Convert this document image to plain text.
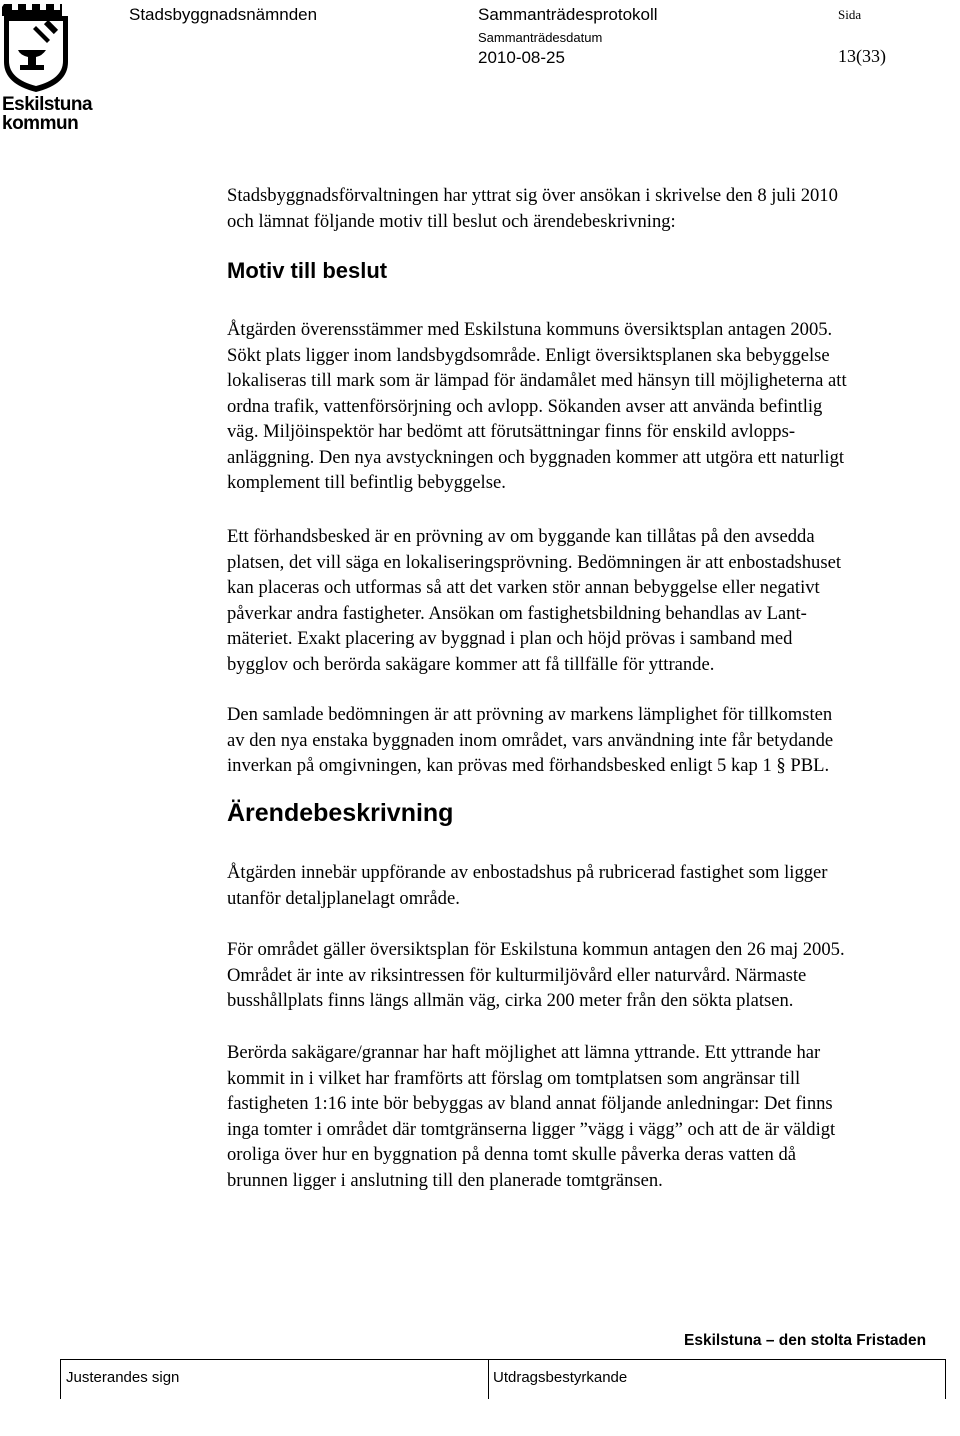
Eskilstuna
kommun
Stadsbyggnadsnämnden	Sammanträdesprotokoll	Sida
Sammanträdesdatum
2010-08-25	13(33)
Stadsbyggnadsförvaltningen har yttrat sig över ansökan i skrivelse den 8 juli 2010
och lämnat följande motiv till beslut och ärendebeskrivning:
Motiv till beslut
Åtgärden överensstämmer med Eskilstuna kommuns översiktsplan antagen 2005.
Sökt plats ligger inom landsbygdsområde. Enligt översiktsplanen ska bebyggelse
lokaliseras till mark som är lämpad för ändamålet med hänsyn till möjligheterna att
ordna trafik, vattenförsörjning och avlopp. Sökanden avser att använda befintlig
väg. Miljöinspektör har bedömt att förutsättningar finns för enskild avlopps-
anläggning. Den nya avstyckningen och byggnaden kommer att utgöra ett naturligt
komplement till befintlig bebyggelse.
Ett förhandsbesked är en prövning av om byggande kan tillåtas på den avsedda
platsen, det vill säga en lokaliseringsprövning. Bedömningen är att enbostadshuset
kan placeras och utformas så att det varken stör annan bebyggelse eller negativt
påverkar andra fastigheter. Ansökan om fastighetsbildning behandlas av Lant-
mäteriet. Exakt placering av byggnad i plan och höjd prövas i samband med
bygglov och berörda sakägare kommer att få tillfälle för yttrande.
Den samlade bedömningen är att prövning av markens lämplighet för tillkomsten
av den nya enstaka byggnaden inom området, vars användning inte får betydande
inverkan på omgivningen, kan prövas med förhandsbesked enligt 5 kap 1 § PBL.
Ärendebeskrivning
Åtgärden innebär uppförande av enbostadshus på rubricerad fastighet som ligger
utanför detaljplanelagt område.
För området gäller översiktsplan för Eskilstuna kommun antagen den 26 maj 2005.
Området är inte av riksintressen för kulturmiljövård eller naturvård. Närmaste
busshållplats finns längs allmän väg, cirka 200 meter från den sökta platsen.
Berörda sakägare/grannar har haft möjlighet att lämna yttrande. Ett yttrande har
kommit in i vilket har framförts att förslag om tomtplatsen som angränsar till
fastigheten 1:16 inte bör bebyggas av bland annat följande anledningar: Det finns
inga tomter i området där tomtgränserna ligger ”vägg i vägg” och att de är väldigt
oroliga över hur en byggnation på denna tomt skulle påverka deras vatten då
brunnen ligger i anslutning till den planerade tomtgränsen.
Eskilstuna – den stolta Fristaden
Justerandes sign	Utdragsbestyrkande
